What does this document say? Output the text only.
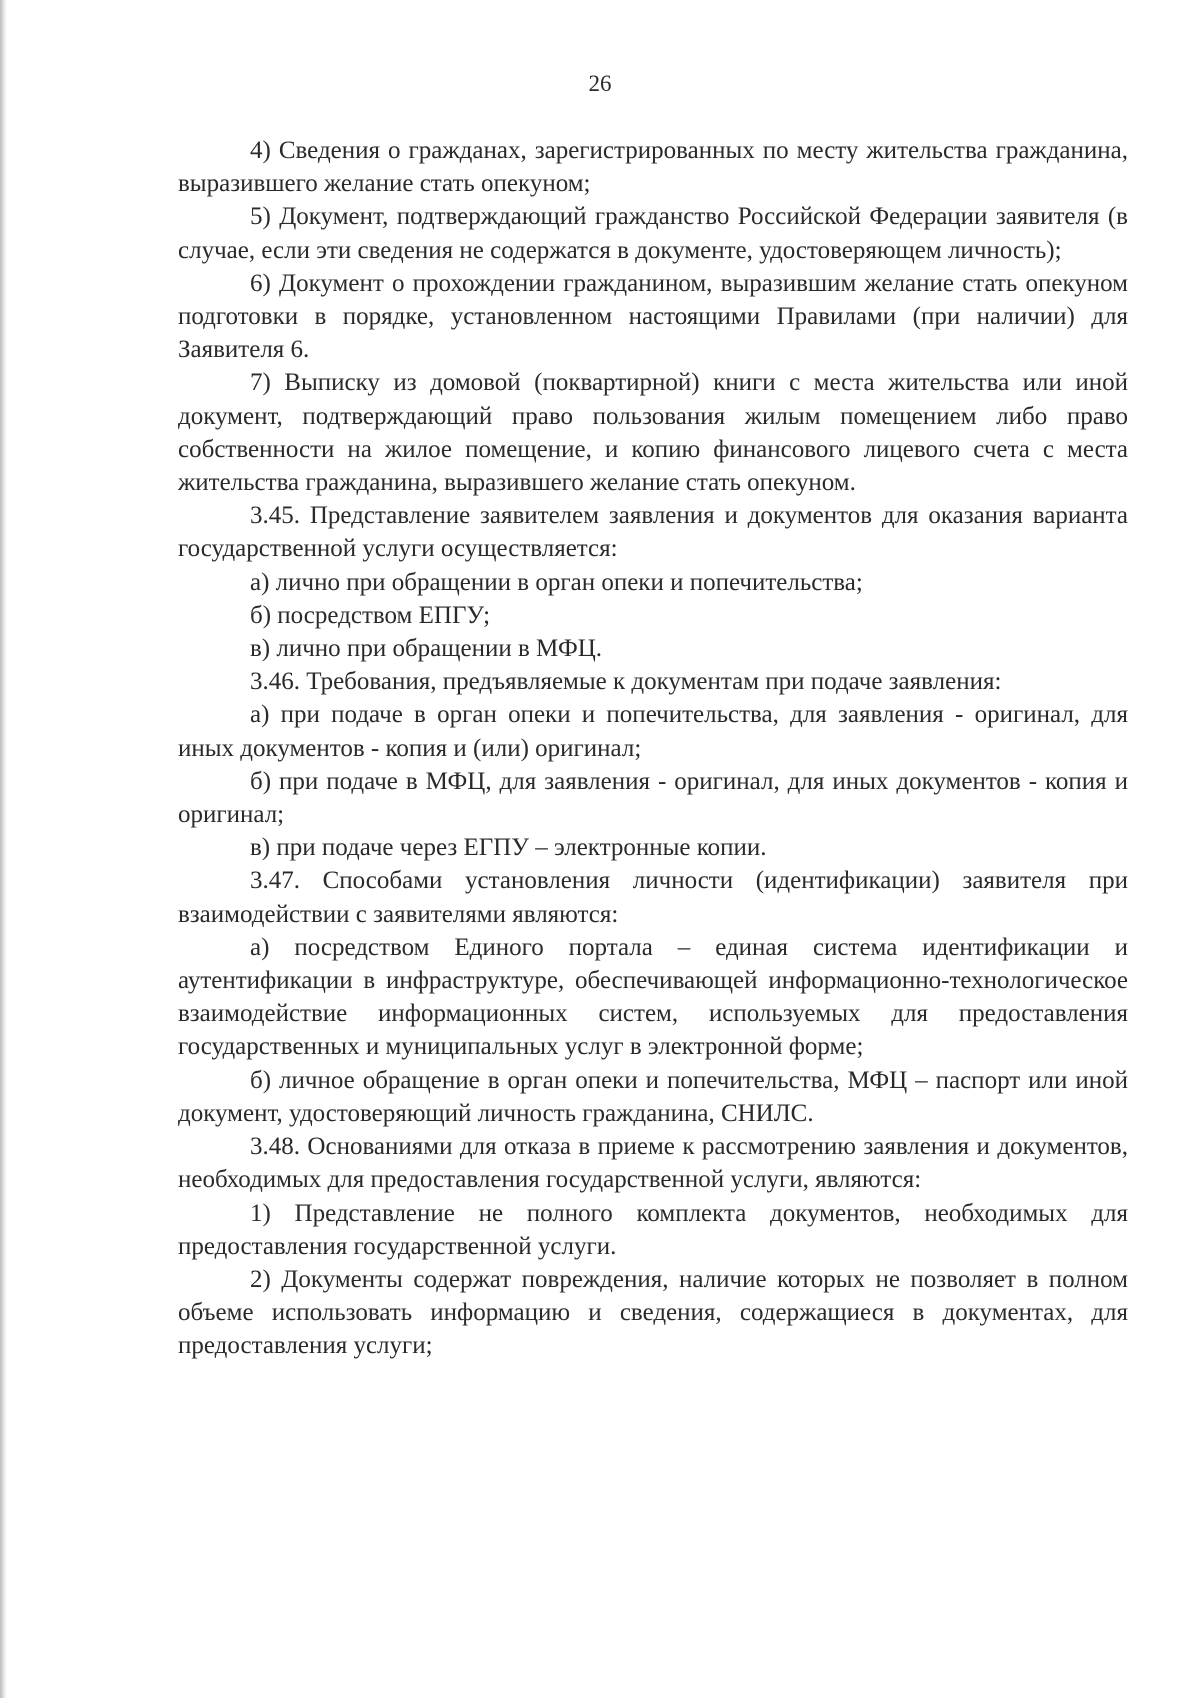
26

4) Сведения о гражданах, зарегистрированных по месту жительства гражданина, выразившего желание стать опекуном;

5) Документ, подтверждающий гражданство Российской Федерации заявителя (в случае, если эти сведения не содержатся в документе, удостоверяющем личность);

6) Документ о прохождении гражданином, выразившим желание стать опекуном подготовки в порядке, установленном настоящими Правилами (при наличии) для Заявителя 6.

7) Выписку из домовой (поквартирной) книги с места жительства или иной документ, подтверждающий право пользования жилым помещением либо право собственности на жилое помещение, и копию финансового лицевого счета с места жительства гражданина, выразившего желание стать опекуном.

3.45. Представление заявителем заявления и документов для оказания варианта государственной услуги осуществляется:

а) лично при обращении в орган опеки и попечительства;

б) посредством ЕПГУ;

в) лично при обращении в МФЦ.

3.46. Требования, предъявляемые к документам при подаче заявления:

а) при подаче в орган опеки и попечительства, для заявления - оригинал, для иных документов - копия и (или) оригинал;

б) при подаче в МФЦ, для заявления - оригинал, для иных документов - копия и оригинал;

в) при подаче через ЕГПУ – электронные копии.

3.47. Способами установления личности (идентификации) заявителя при взаимодействии с заявителями являются:

а) посредством Единого портала – единая система идентификации и аутентификации в инфраструктуре, обеспечивающей информационно-технологическое взаимодействие информационных систем, используемых для предоставления государственных и муниципальных услуг в электронной форме;

б) личное обращение в орган опеки и попечительства, МФЦ – паспорт или иной документ, удостоверяющий личность гражданина, СНИЛС.

3.48. Основаниями для отказа в приеме к рассмотрению заявления и документов, необходимых для предоставления государственной услуги, являются:

1) Представление не полного комплекта документов, необходимых для предоставления государственной услуги.

2) Документы содержат повреждения, наличие которых не позволяет в полном объеме использовать информацию и сведения, содержащиеся в документах, для предоставления услуги;
